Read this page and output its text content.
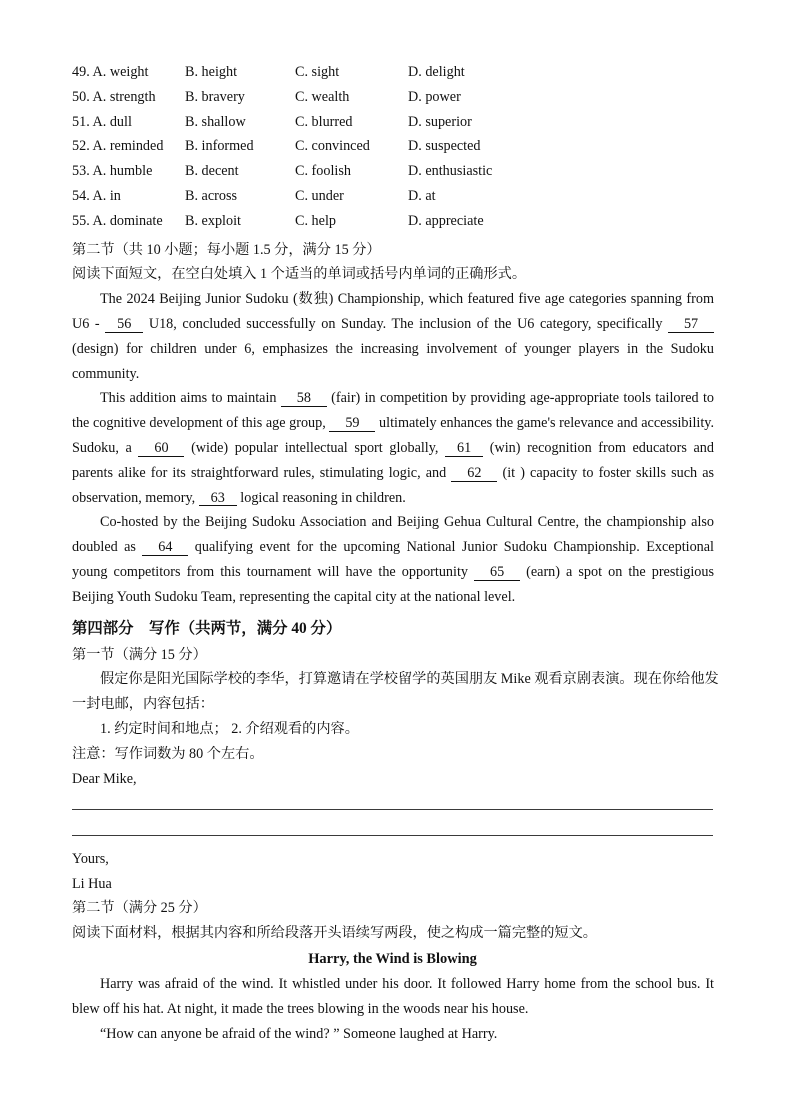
49. A. weight	B. height	C. sight	D. delight
50. A. strength B. bravery	C. wealth	D. power
51. A. dull	B. shallow	C. blurred	D. superior
52. A. reminded B. informed	C. convinced	D. suspected
53. A. humble B. decent	C. foolish	D. enthusiastic
54. A. in	B. across	C. under	D. at
55. A. dominate B. exploit	C. help	D. appreciate
第二节（共 10 小题；每小题 1.5 分，满分 15 分）
阅读下面短文，在空白处填入 1 个适当的单词或括号内单词的正确形式。

The 2024 Beijing Junior Sudoku (数独) Championship, which featured five age categories spanning from U6 - 56 U18, concluded successfully on Sunday. The inclusion of the U6 category, specifically 57 (design) for children under 6, emphasizes the increasing involvement of younger players in the Sudoku community.

This addition aims to maintain 58 (fair) in competition by providing age-appropriate tools tailored to the cognitive development of this age group, 59 ultimately enhances the game's relevance and accessibility. Sudoku, a 60 (wide) popular intellectual sport globally, 61 (win) recognition from educators and parents alike for its straightforward rules, stimulating logic, and 62 (it ) capacity to foster skills such as observation, memory, 63 logical reasoning in children.

Co-hosted by the Beijing Sudoku Association and Beijing Gehua Cultural Centre, the championship also doubled as 64 qualifying event for the upcoming National Junior Sudoku Championship. Exceptional young competitors from this tournament will have the opportunity 65 (earn) a spot on the prestigious Beijing Youth Sudoku Team, representing the capital city at the national level.

第四部分　写作（共两节，满分 40 分）
第一节（满分 15 分）
假定你是阳光国际学校的李华，打算邀请在学校留学的英国朋友 Mike 观看京剧表演。现在你给他发
一封电邮，内容包括：
1. 约定时间和地点； 2. 介绍观看的内容。
注意：写作词数为 80 个左右。
Dear Mike,
Yours,
Li Hua
第二节（满分 25 分）
阅读下面材料，根据其内容和所给段落开头语续写两段，使之构成一篇完整的短文。
Harry, the Wind is Blowing

Harry was afraid of the wind. It whistled under his door. It followed Harry home from the school bus. It blew off his hat. At night, it made the trees blowing in the woods near his house.

“How can anyone be afraid of the wind? ” Someone laughed at Harry.
